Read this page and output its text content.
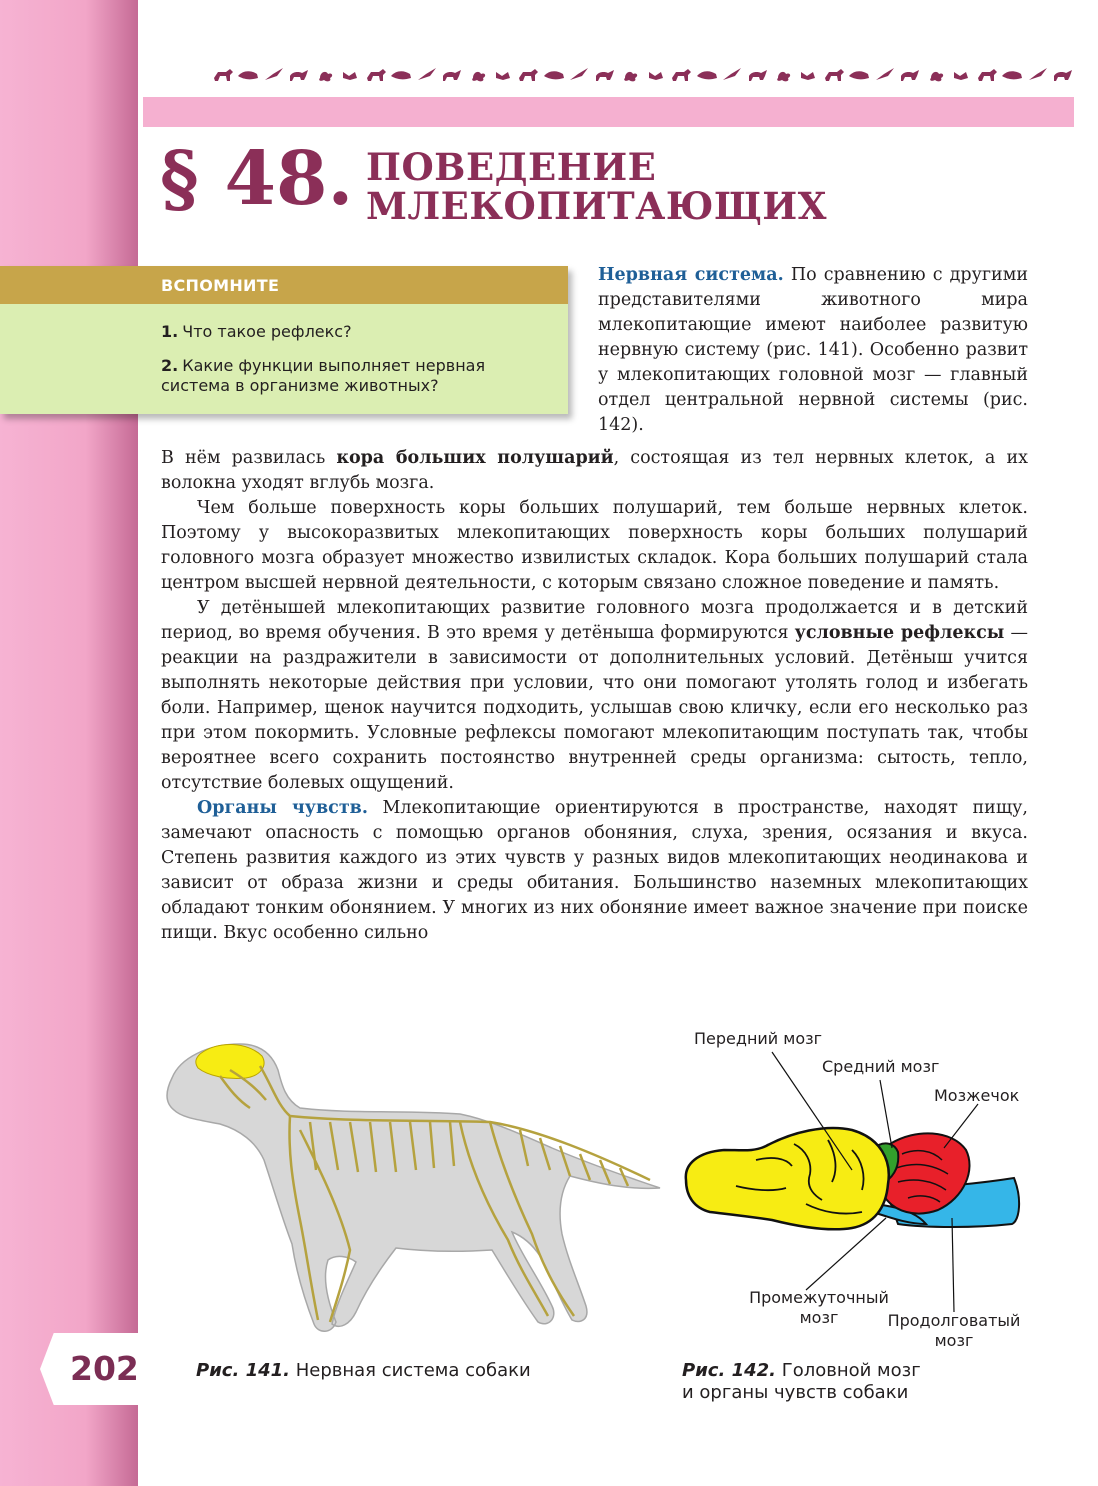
202
§ 48. ПОВЕДЕНИЕ
МЛЕКОПИТАЮЩИХ
ВСПОМНИТЕ
1. Что такое рефлекс?
2. Какие функции выполняет нервная система в организме животных?
Нервная система. По сравнению с другими представителями животного мира млекопитающие имеют наиболее развитую нервную систему (рис. 141). Особенно развит у млекопитающих головной мозг — главный отдел центральной нервной системы (рис. 142).

В нём развилась кора больших полушарий, состоящая из тел нервных клеток, а их волокна уходят вглубь мозга.

Чем больше поверхность коры больших полушарий, тем больше нервных клеток. Поэтому у высокоразвитых млекопитающих поверхность коры больших полушарий головного мозга образует множество извилистых складок. Кора больших полушарий стала центром высшей нервной деятельности, с которым связано сложное поведение и память.

У детёнышей млекопитающих развитие головного мозга продолжается и в детский период, во время обучения. В это время у детёныша формируются условные рефлексы — реакции на раздражители в зависимости от дополнительных условий. Детёныш учится выполнять некоторые действия при условии, что они помогают утолять голод и избегать боли. Например, щенок научится подходить, услышав свою кличку, если его несколько раз при этом покормить. Условные рефлексы помогают млекопитающим поступать так, чтобы вероятнее всего сохранить постоянство внутренней среды организма: сытость, тепло, отсутствие болевых ощущений.

Органы чувств. Млекопитающие ориентируются в пространстве, находят пищу, замечают опасность с помощью органов обоняния, слуха, зрения, осязания и вкуса. Степень развития каждого из этих чувств у разных видов млекопитающих неодинакова и зависит от образа жизни и среды обитания. Большинство наземных млекопитающих обладают тонким обонянием. У многих из них обоняние имеет важное значение при поиске пищи. Вкус особенно сильно

Передний мозг
Средний мозг
Мозжечок
Промежуточный
мозг	Продолговатый
мозг
Рис. 141. Нервная система собаки	Рис. 142. Головной мозг
и органы чувств собаки
